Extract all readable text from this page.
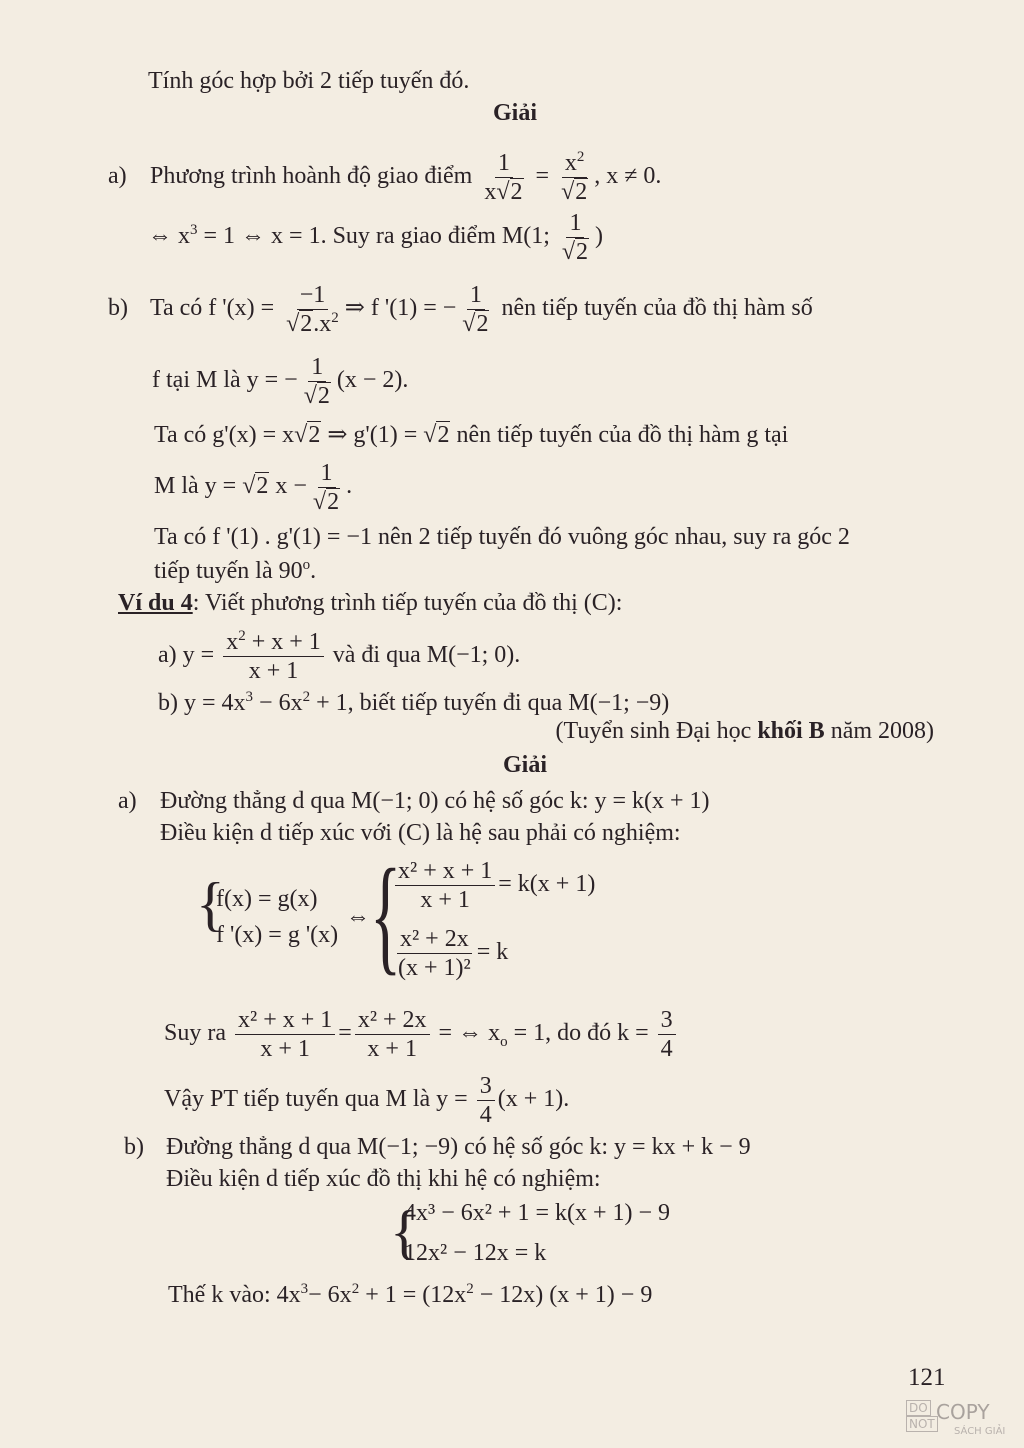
Tính góc hợp bởi 2 tiếp tuyến đó.
Giải
a) Phương trình hoành độ giao điểm $\frac{1}{x√2} = \frac{x^2}{√2}$ , x ≠ 0.
⇔ $x^3 = 1$ ⇔ x = 1. Suy ra giao điểm M(1; $\frac{1}{√2}$ )
b) Ta có f '$(x) = \frac{-1}{√2.x^2}$ ⇒ f '(1) = − $\frac{1}{√2}$ nên tiếp tuyến của đồ thị hàm số
f tại M là y = − $\frac{1}{√2} (x - 2)$.
Ta có g'(x) = x√2 ⇒ g'(1) = √2 nên tiếp tuyến của đồ thị hàm g tại
M là y = √2 $x - \frac{1}{√2}$ .
Ta có f '(1) . g'(1) = −1 nên 2 tiếp tuyến đó vuông góc nhau, suy ra góc 2
tiếp tuyến là 90$^o$.
Ví du 4: Viết phương trình tiếp tuyến của đồ thị (C):
a) $y = \frac{x^2 + x + 1}{x + 1}$ và đi qua M(−1; 0).
b) $y = 4x^3 - 6x^2 + 1$, biết tiếp tuyến đi qua M(−1; −9)
(Tuyển sinh Đại học khối B năm 2008)
Giải
a) Đường thẳng d qua M(−1; 0) có hệ số góc k: y = k(x + 1)
Điều kiện d tiếp xúc với (C) là hệ sau phải có nghiệm:
{
f(x) = g(x)
f '(x) = g '(x)
⇔ {
$\frac{\text{x² + x + 1}}{x + 1} = k(x + 1)$
$\frac{\text{x² + 2x}}{\text{(x + 1)²}} = k$
Suy ra $\frac{\text{x² + x + 1}}{x + 1} = \frac{\text{x² + 2x}}{x + 1}$ = ⇔ $x_o = 1$, do đó $k = \frac{3}{4}$
Vậy PT tiếp tuyến qua M là $y = \frac{3}{4} (x + 1)$.
b) Đường thẳng d qua M(−1; −9) có hệ số góc k: y = kx + k − 9
Điều kiện d tiếp xúc đồ thị khi hệ có nghiệm:
{
4x³ − 6x² + 1 = k(x + 1) − 9
12x² − 12x = k
Thế k vào: $4x^3- 6x^2 + 1 = (12x^2 - 12x) (x + 1) - 9$
121
DO
NOT COPY
SÁCH GIẢI
